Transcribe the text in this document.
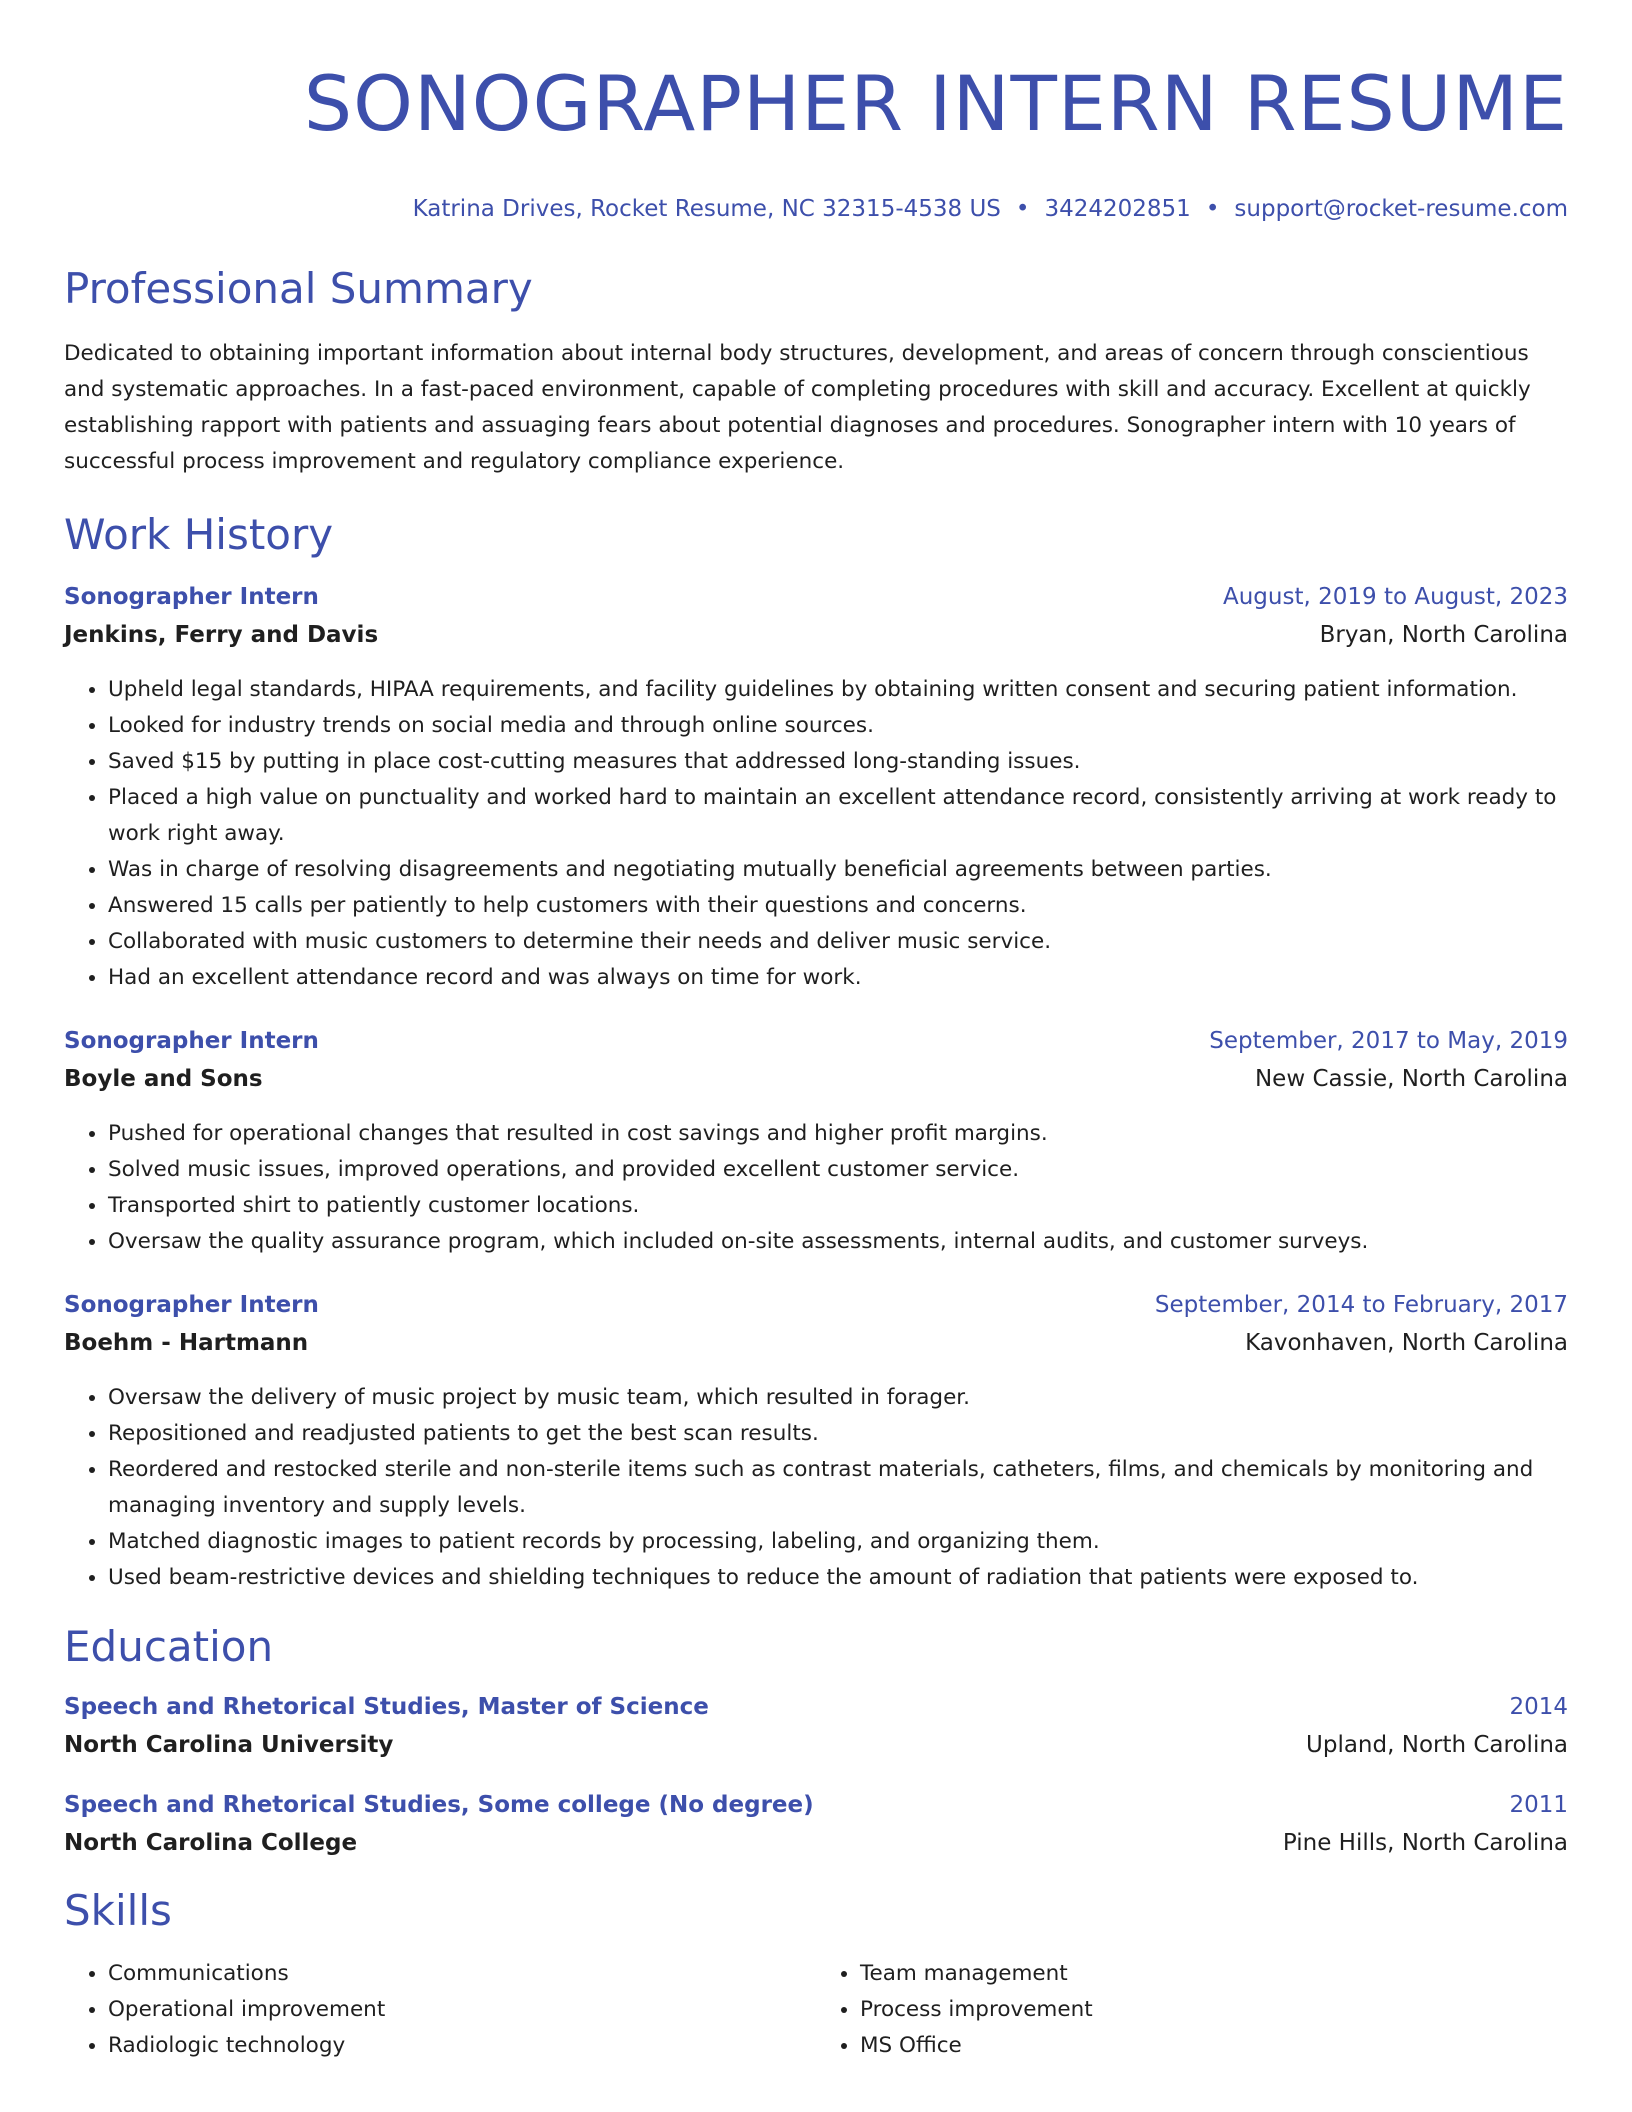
SONOGRAPHER INTERN RESUME
Katrina Drives, Rocket Resume, NC 32315-4538 US • 3424202851 • support@rocket-resume.com
Professional Summary

Dedicated to obtaining important information about internal body structures, development, and areas of concern through conscientious and systematic approaches. In a fast-paced environment, capable of completing procedures with skill and accuracy. Excellent at quickly establishing rapport with patients and assuaging fears about potential diagnoses and procedures. Sonographer intern with 10 years of successful process improvement and regulatory compliance experience.

Work History
Sonographer Intern	August, 2019 to August, 2023
Jenkins, Ferry and Davis	Bryan, North Carolina
• Upheld legal standards, HIPAA requirements, and facility guidelines by obtaining written consent and securing patient information.
• Looked for industry trends on social media and through online sources.
• Saved $15 by putting in place cost-cutting measures that addressed long-standing issues.
• Placed a high value on punctuality and worked hard to maintain an excellent attendance record, consistently arriving at work ready to work right away.
• Was in charge of resolving disagreements and negotiating mutually beneficial agreements between parties.
• Answered 15 calls per patiently to help customers with their questions and concerns.
• Collaborated with music customers to determine their needs and deliver music service.
• Had an excellent attendance record and was always on time for work.
Sonographer Intern	September, 2017 to May, 2019
Boyle and Sons	New Cassie, North Carolina
• Pushed for operational changes that resulted in cost savings and higher profit margins.
• Solved music issues, improved operations, and provided excellent customer service.
• Transported shirt to patiently customer locations.
• Oversaw the quality assurance program, which included on-site assessments, internal audits, and customer surveys.
Sonographer Intern	September, 2014 to February, 2017
Boehm - Hartmann	Kavonhaven, North Carolina
• Oversaw the delivery of music project by music team, which resulted in forager.
• Repositioned and readjusted patients to get the best scan results.
• Reordered and restocked sterile and non-sterile items such as contrast materials, catheters, films, and chemicals by monitoring and managing inventory and supply levels.
• Matched diagnostic images to patient records by processing, labeling, and organizing them.
• Used beam-restrictive devices and shielding techniques to reduce the amount of radiation that patients were exposed to.
Education
Speech and Rhetorical Studies, Master of Science	2014
North Carolina University	Upland, North Carolina
Speech and Rhetorical Studies, Some college (No degree)	2011
North Carolina College	Pine Hills, North Carolina
Skills
• Communications
• Operational improvement
• Radiologic technology
• Team management
• Process improvement
• MS Office
